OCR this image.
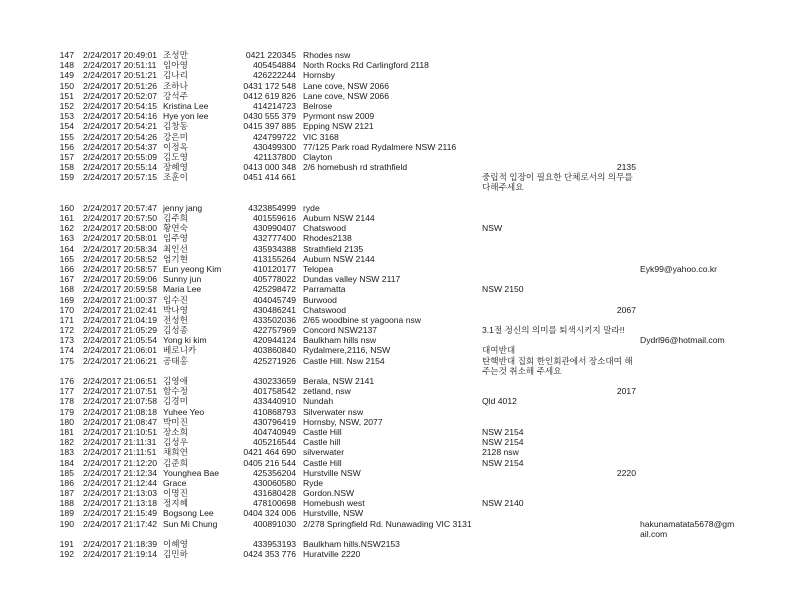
147 2/24/2017 20:49:01 조성만	0421 220345 Rhodes nsw
148 2/24/2017 20:51:11 임아영	405454884 North Rocks Rd Carlingford 2118
149 2/24/2017 20:51:21 김나리	426222244 Hornsby
150 2/24/2017 20:51:26 조하나	0431 172 548 Lane cove, NSW 2066
151 2/24/2017 20:52:07 강석주	0412 619 826 Lane cove, NSW 2066
152 2/24/2017 20:54:15 Kristina Lee	414214723 Belrose
153 2/24/2017 20:54:16 Hye yon lee	0430 555 379 Pyrmont nsw 2009
154 2/24/2017 20:54:21 김창동	0415 397 885 Epping NSW 2121
155 2/24/2017 20:54:26 강은미	424799722 VIC 3168
156 2/24/2017 20:54:37 이정옥	430499300 77/125 Park road Rydalmere NSW 2116
157 2/24/2017 20:55:09 김도영	421137800 Clayton
158 2/24/2017 20:55:14 장혜영	0413 000 348 2/6 homebush rd strathfield	2135
159 2/24/2017 20:57:15 조훈이	0451 414 661	중립적 입장이 필요한 단체로서의 의무를 다해주세요
160 2/24/2017 20:57:47 jenny jang	4323854999 ryde
161 2/24/2017 20:57:50 김주희	401559616 Auburn NSW 2144
162 2/24/2017 20:58:00 황연숙	430990407 Chatswood	NSW
163 2/24/2017 20:58:01 임주영	432777400 Rhodes2138
164 2/24/2017 20:58:34 최인선	435934388 Strathfield 2135
165 2/24/2017 20:58:52 엄기현	413155264 Auburn NSW 2144
166 2/24/2017 20:58:57 Eun yeong Kim	410120177 Telopea	Eyk99@yahoo.co.kr
167 2/24/2017 20:59:06 Sunny jun	405778022 Dundas valley NSW 2117
168 2/24/2017 20:59:58 Maria Lee	425298472 Parramatta	NSW 2150
169 2/24/2017 21:00:37 임수진	404045749 Burwood
170 2/24/2017 21:02:41 박나영	430486241 Chatswood	2067
171 2/24/2017 21:04:19 전성헌	433502036 2/65 woodbine st yagoona nsw
172 2/24/2017 21:05:29 김성종	422757969 Concord NSW2137	3.1절 정신의 의미를 퇴색시키지 말라!!
173 2/24/2017 21:05:54 Yong ki kim	420944124 Baulkham hills nsw	Dydrl96@hotmail.com
174 2/24/2017 21:06:01 베로니카	403860840 Rydalmere,2116, NSW	대여반대
175 2/24/2017 21:06:21 공태홍	425271926 Castle Hill. Nsw 2154	탄핵반대 집회 한인회관에서 장소대여 해 주는것 취소해 주세요
176 2/24/2017 21:06:51 김영애	430233659 Berala, NSW 2141
177 2/24/2017 21:07:51 함수정	401758542 zetland, nsw	2017
178 2/24/2017 21:07:58 김경미	433440910 Nundah	Qld 4012
179 2/24/2017 21:08:18 Yuhee Yeo	410868793 Silverwater nsw
180 2/24/2017 21:08:47 박미진	430796419 Hornsby, NSW, 2077
181 2/24/2017 21:10:51 장소희	404740949 Castle Hill	NSW 2154
182 2/24/2017 21:11:31 김성우	405216544 Castle hill	NSW 2154
183 2/24/2017 21:11:51 채희연	0421 464 690 silverwater	2128 nsw
184 2/24/2017 21:12:20 김준희	0405 216 544 Castle Hill	NSW 2154
185 2/24/2017 21:12:34 Younghea Bae	425356204 Hurstville NSW	2220
186 2/24/2017 21:12:44 Grace	430060580 Ryde
187 2/24/2017 21:13:03 이명진	431680428 Gordon.NSW
188 2/24/2017 21:13:18 정지혜	478100698 Homebush west	NSW 2140
189 2/24/2017 21:15:49 Bogsong Lee	0404 324 006 Hurstville, NSW
190 2/24/2017 21:17:42 Sun Mi Chung	400891030 2/278 Springfield Rd. Nunawading VIC 3131	hakunamatata5678@gmail.com
191 2/24/2017 21:18:39 이혜영	433953193 Baulkham hills.NSW2153
192 2/24/2017 21:19:14 김민하	0424 353 776 Huratville 2220
